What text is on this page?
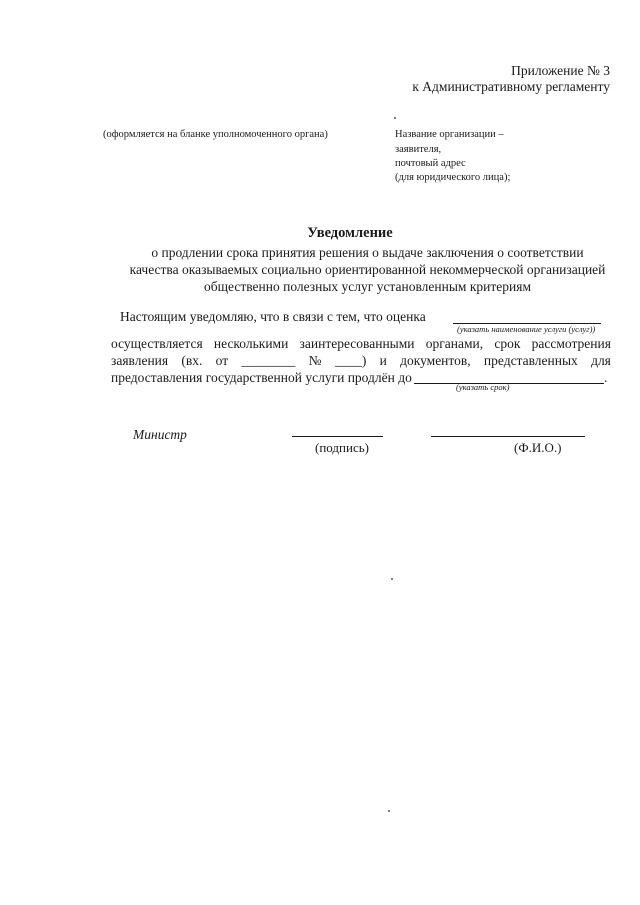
Приложение № 3
к Административному регламенту
(оформляется на бланке уполномоченного органа)	Название организации –
заявителя,
почтовый адрес
(для юридического лица);
Уведомление
о продлении срока принятия решения о выдаче заключения о соответствии
качества оказываемых социально ориентированной некоммерческой организацией
общественно полезных услуг установленным критериям
Настоящим уведомляю, что в связи с тем, что оценка
(указать наименование услуги (услуг))
осуществляется несколькими заинтересованными органами, срок рассмотрения
заявления (вх. от ________ № ____) и документов, представленных для
предоставления государственной услуги продлён до	.
(указать срок)
Министр
(подпись)	(Ф.И.О.)
